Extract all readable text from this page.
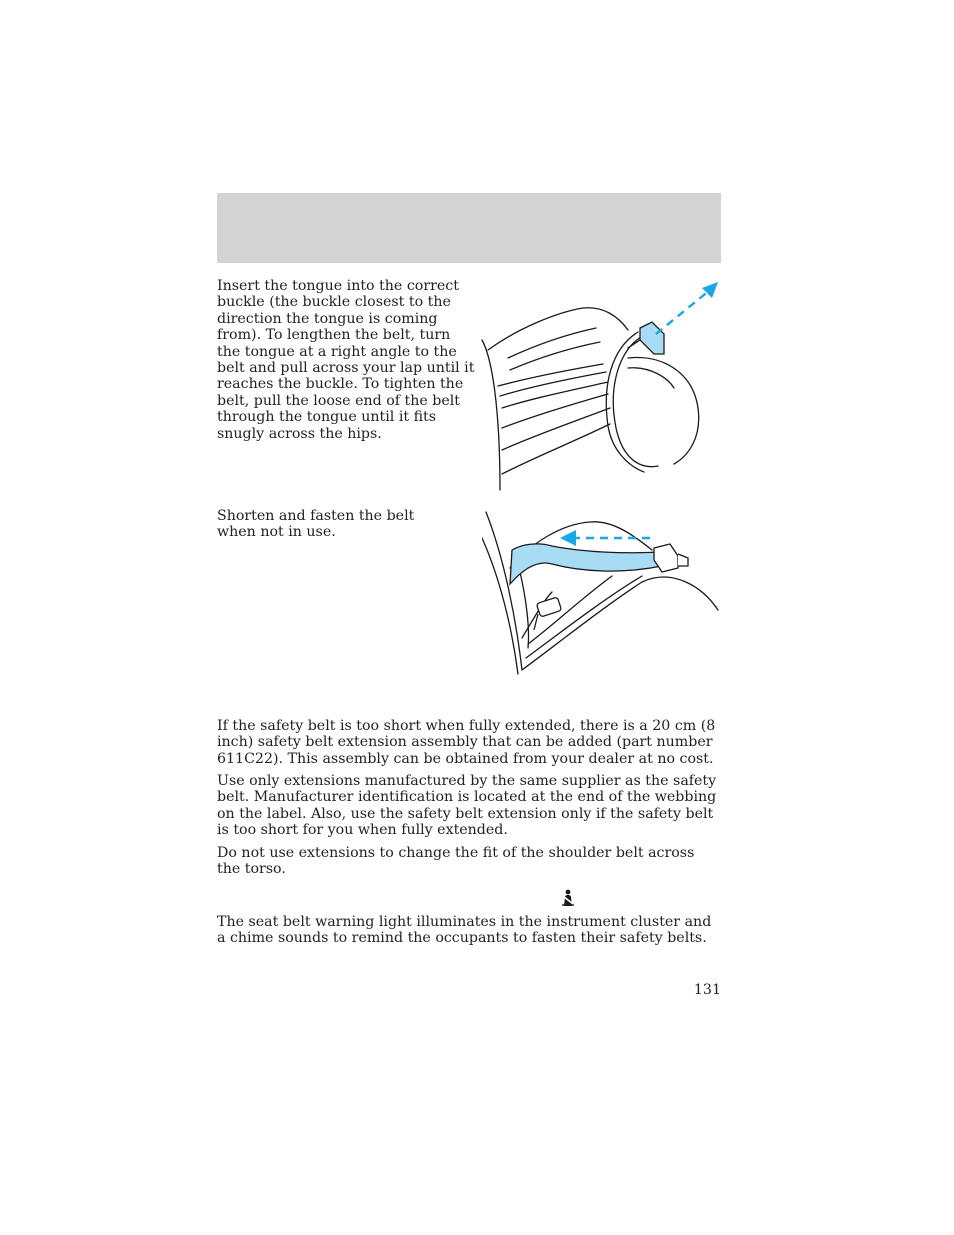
Insert the tongue into the correct buckle (the buckle closest to the direction the tongue is coming from). To lengthen the belt, turn the tongue at a right angle to the belt and pull across your lap until it reaches the buckle. To tighten the belt, pull the loose end of the belt through the tongue until it fits snugly across the hips.

Shorten and fasten the belt when not in use.

If the safety belt is too short when fully extended, there is a 20 cm (8 inch) safety belt extension assembly that can be added (part number 611C22). This assembly can be obtained from your dealer at no cost.

Use only extensions manufactured by the same supplier as the safety belt. Manufacturer identification is located at the end of the webbing on the label. Also, use the safety belt extension only if the safety belt is too short for you when fully extended.

Do not use extensions to change the fit of the shoulder belt across the torso.

The seat belt warning light illuminates in the instrument cluster and a chime sounds to remind the occupants to fasten their safety belts.

131
